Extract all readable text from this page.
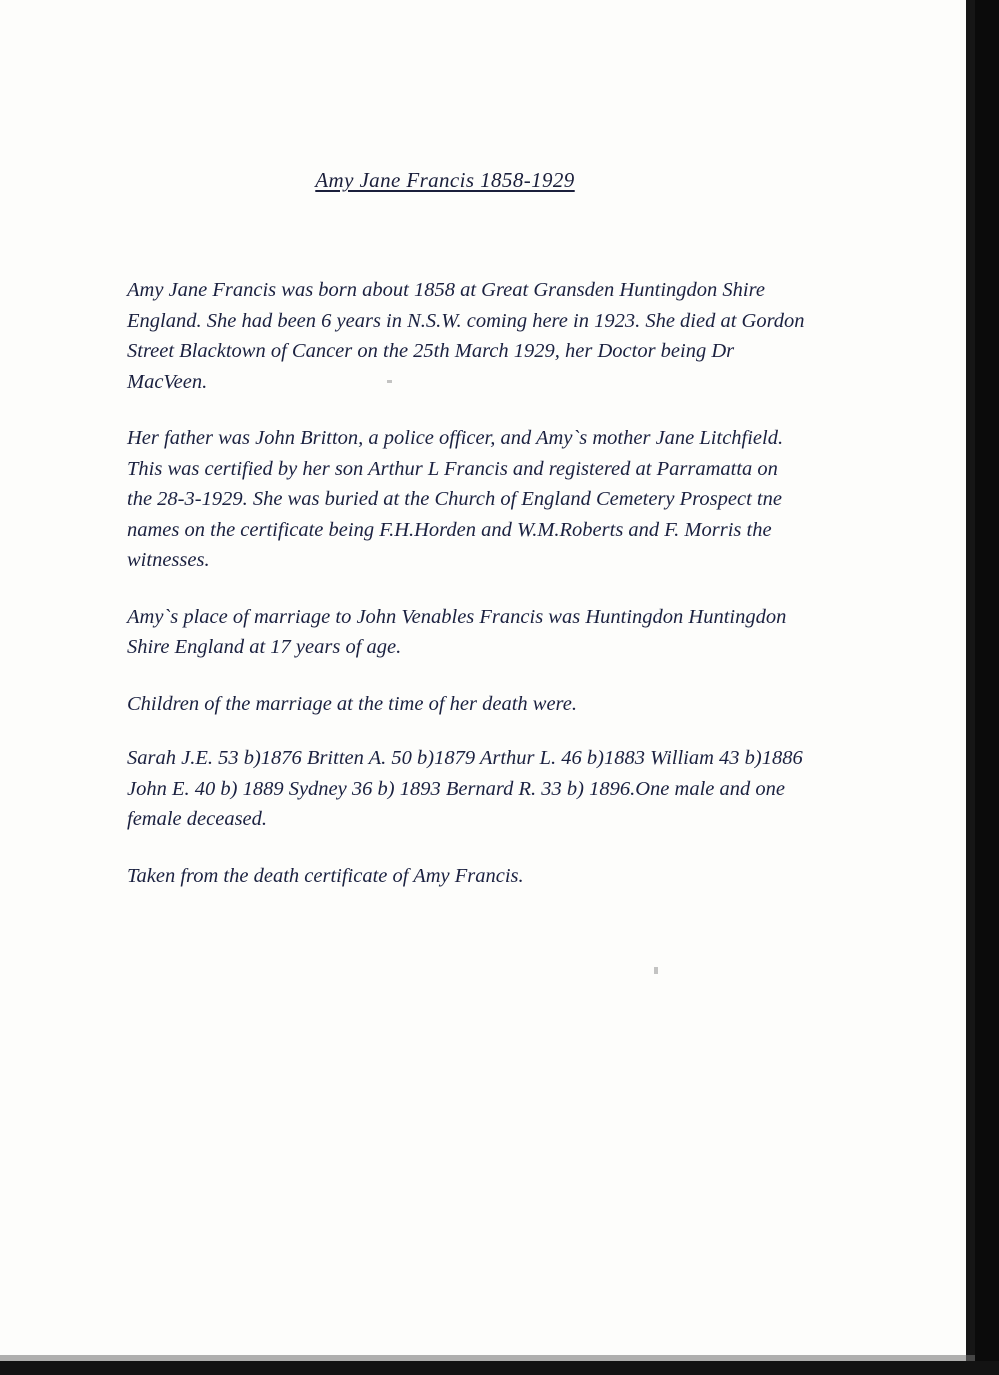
Amy Jane Francis 1858-1929

Amy Jane Francis was born about 1858 at Great Gransden Huntingdon Shire England. She had been 6 years in N.S.W. coming here in 1923. She died at Gordon Street Blacktown of Cancer on the 25th March 1929, her Doctor being Dr MacVeen.

Her father was John Britton, a police officer, and Amy`s mother Jane Litchfield. This was certified by her son Arthur L Francis and registered at Parramatta on the 28-3-1929. She was buried at the Church of England Cemetery Prospect tne names on the certificate being F.H.Horden and W.M.Roberts and F. Morris the witnesses.

Amy`s place of marriage to John Venables Francis was Huntingdon Huntingdon Shire England at 17 years of age.

Children of the marriage at the time of her death were.

Sarah J.E. 53 b)1876 Britten A. 50 b)1879 Arthur L. 46 b)1883 William 43 b)1886 John E. 40 b) 1889 Sydney 36 b) 1893 Bernard R. 33 b) 1896.One male and one female deceased.

Taken from the death certificate of Amy Francis.
